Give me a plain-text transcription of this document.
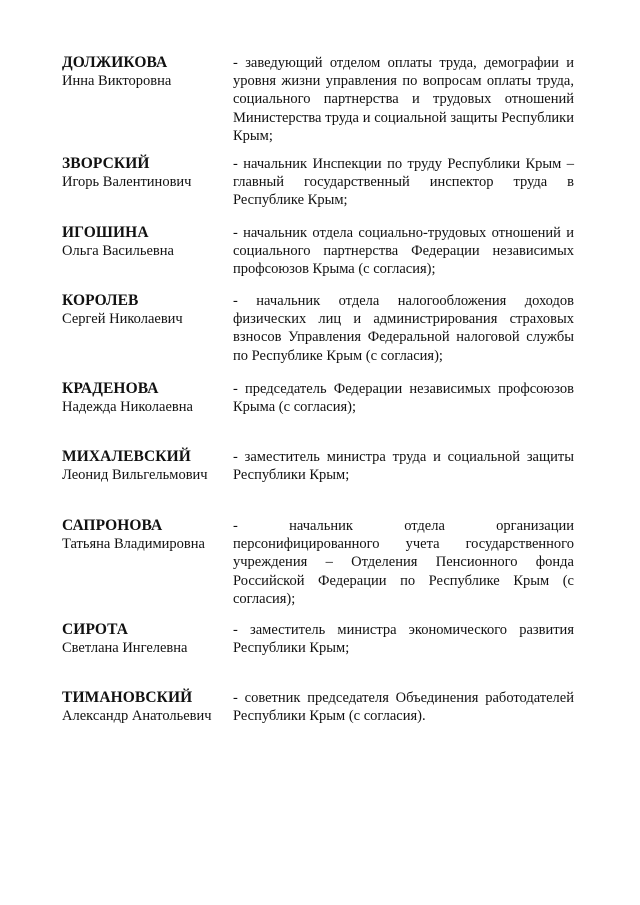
ДОЛЖИКОВА
Инна Викторовна
- заведующий отделом оплаты труда, демографии и уровня жизни управления по вопросам оплаты труда, социального партнерства и трудовых отношений Министерства труда и социальной защиты Республики Крым;
ЗВОРСКИЙ
Игорь Валентинович
- начальник Инспекции по труду Республики Крым – главный государственный инспектор труда в Республике Крым;
ИГОШИНА
Ольга Васильевна
- начальник отдела социально-трудовых отношений и социального партнерства Федерации независимых профсоюзов Крыма (с согласия);
КОРОЛЕВ
Сергей Николаевич
- начальник отдела налогообложения доходов физических лиц и администрирования страховых взносов Управления Федеральной налоговой службы по Республике Крым (с согласия);
КРАДЕНОВА
Надежда Николаевна
- председатель Федерации независимых профсоюзов Крыма (с согласия);
МИХАЛЕВСКИЙ
Леонид Вильгельмович
- заместитель министра труда и социальной защиты Республики Крым;
САПРОНОВА
Татьяна Владимировна
- начальник отдела организации персонифицированного учета государственного учреждения – Отделения Пенсионного фонда Российской Федерации по Республике Крым (с согласия);
СИРОТА
Светлана Ингелевна
- заместитель министра экономического развития Республики Крым;
ТИМАНОВСКИЙ
Александр Анатольевич
- советник председателя Объединения работодателей Республики Крым (с согласия).
